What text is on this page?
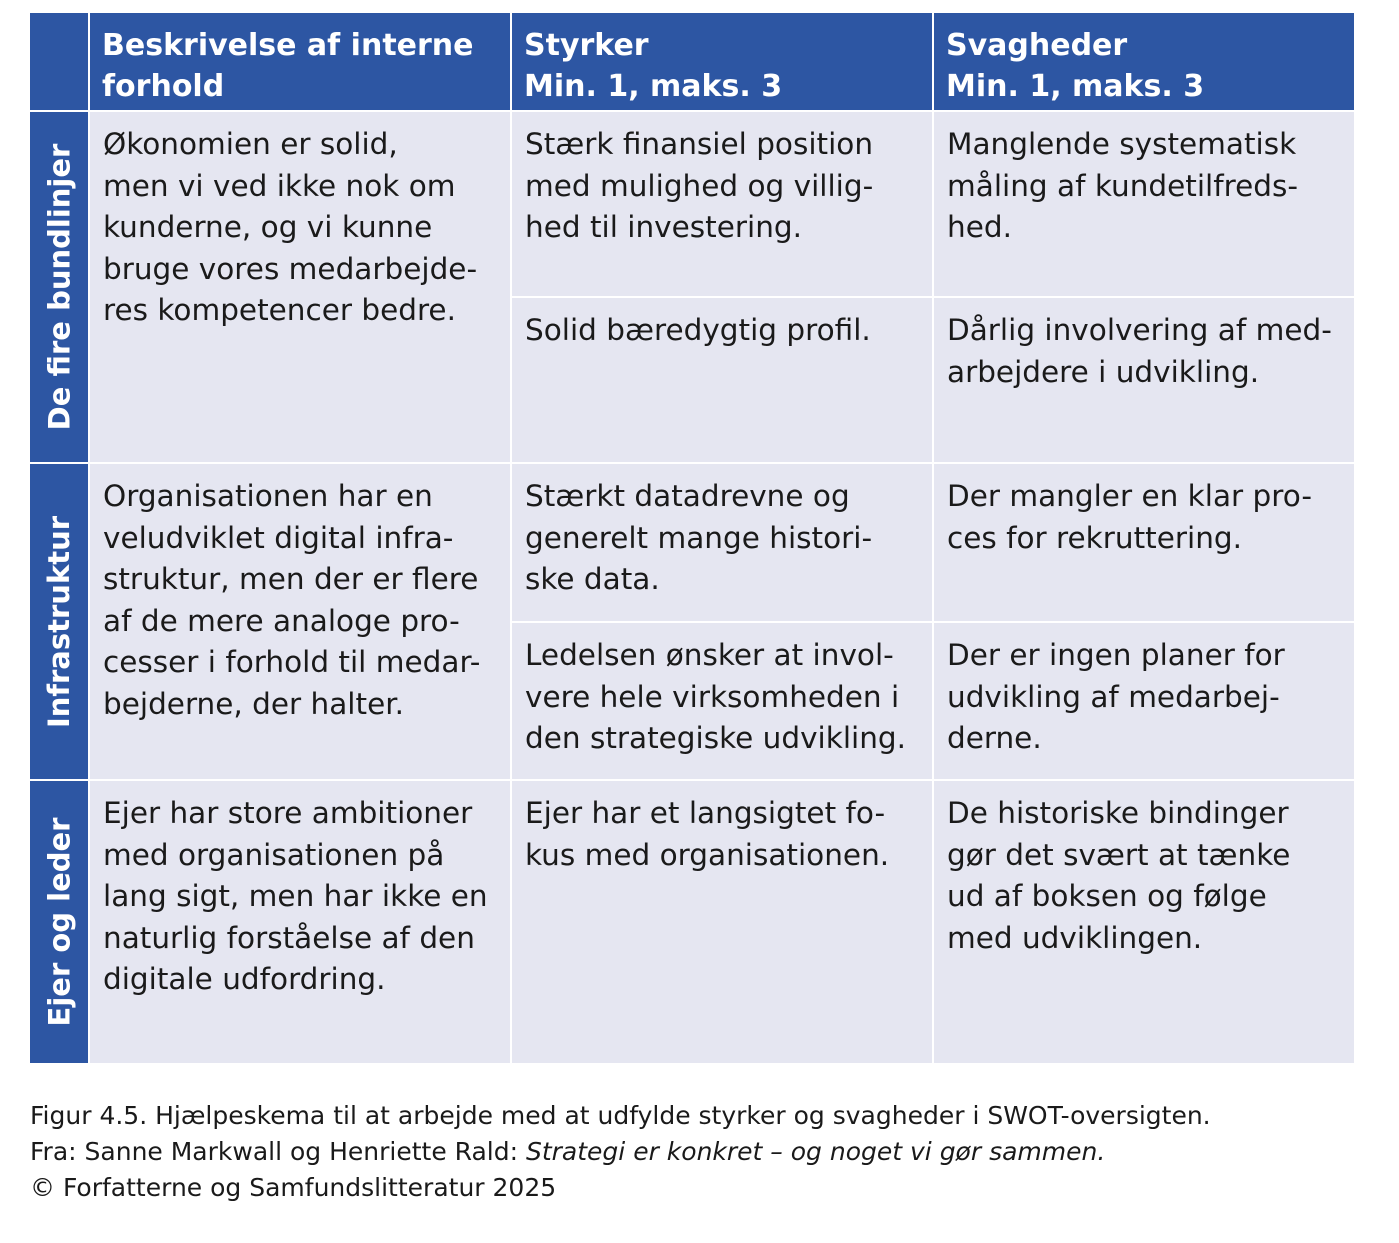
Beskrivelse af interne
forhold
Styrker
Min. 1, maks. 3
Svagheder
Min. 1, maks. 3
De fire bundlinjer Økonomien er solid,
men vi ved ikke nok om
kunderne, og vi kunne
bruge vores medarbejde-
res kompetencer bedre.
Stærk finansiel position
med mulighed og villig-
hed til investering.
Manglende systematisk
måling af kundetilfreds-
hed.
Solid bæredygtig profil.	Dårlig involvering af med-
arbejdere i udvikling.
Infrastruktur
Organisationen har en
veludviklet digital infra-
struktur, men der er flere
af de mere analoge pro-
cesser i forhold til medar-
bejderne, der halter.
Stærkt datadrevne og
generelt mange histori-
ske data.
Der mangler en klar pro-
ces for rekruttering.
Ledelsen ønsker at invol-
vere hele virksomheden i
den strategiske udvikling.
Der er ingen planer for
udvikling af medarbej-
derne.
Ejer og leder
Ejer har store ambitioner
med organisationen på
lang sigt, men har ikke en
naturlig forståelse af den
digitale udfordring.
Ejer har et langsigtet fo-
kus med organisationen.
De historiske bindinger
gør det svært at tænke
ud af boksen og følge
med udviklingen.
Figur 4.5. Hjælpeskema til at arbejde med at udfylde styrker og svagheder i SWOT-oversigten.
Fra: Sanne Markwall og Henriette Rald: Strategi er konkret – og noget vi gør sammen.
© Forfatterne og Samfundslitteratur 2025
